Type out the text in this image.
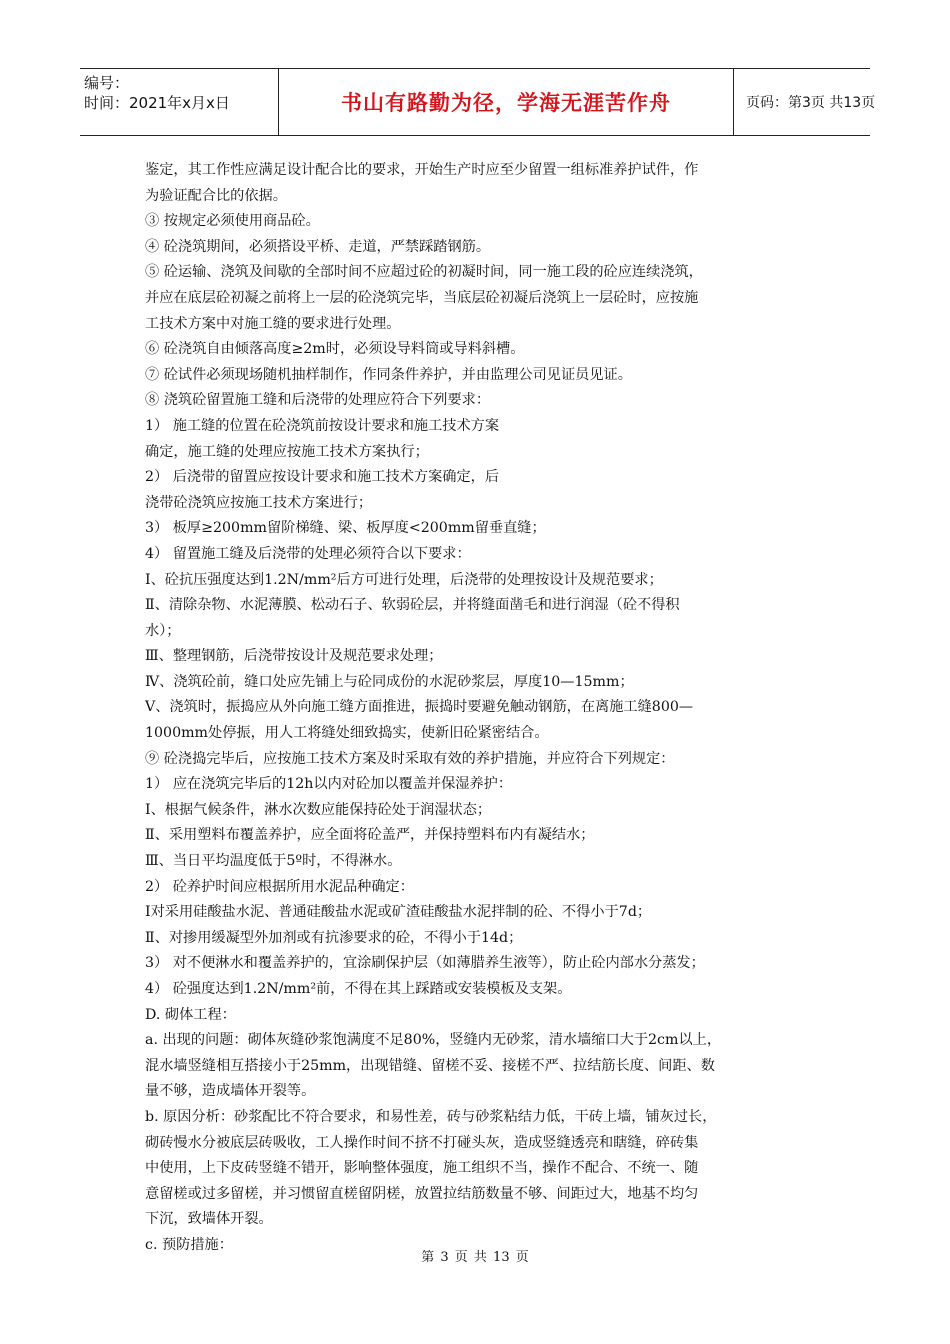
编号：
时间：2021年x月x日	书山有路勤为径，学海无涯苦作舟	页码：第3页 共13页

鉴定，其工作性应满足设计配合比的要求，开始生产时应至少留置一组标准养护试件，作

为验证配合比的依据。

③ 按规定必须使用商品砼。

④ 砼浇筑期间，必须搭设平桥、走道，严禁踩踏钢筋。

⑤ 砼运输、浇筑及间歇的全部时间不应超过砼的初凝时间，同一施工段的砼应连续浇筑，

并应在底层砼初凝之前将上一层的砼浇筑完毕，当底层砼初凝后浇筑上一层砼时，应按施

工技术方案中对施工缝的要求进行处理。

⑥ 砼浇筑自由倾落高度≥2m时，必须设导料筒或导料斜槽。

⑦ 砼试件必须现场随机抽样制作，作同条件养护，并由监理公司见证员见证。

⑧ 浇筑砼留置施工缝和后浇带的处理应符合下列要求：

1） 施工缝的位置在砼浇筑前按设计要求和施工技术方案

确定，施工缝的处理应按施工技术方案执行；

2） 后浇带的留置应按设计要求和施工技术方案确定，后

浇带砼浇筑应按施工技术方案进行；

3） 板厚≥200mm留阶梯缝、梁、板厚度<200mm留垂直缝；

4） 留置施工缝及后浇带的处理必须符合以下要求：

Ⅰ、砼抗压强度达到1.2N/mm²后方可进行处理，后浇带的处理按设计及规范要求；

Ⅱ、清除杂物、水泥薄膜、松动石子、软弱砼层，并将缝面凿毛和进行润湿（砼不得积

水）；

Ⅲ、整理钢筋，后浇带按设计及规范要求处理；

Ⅳ、浇筑砼前，缝口处应先铺上与砼同成份的水泥砂浆层，厚度10—15mm；

Ⅴ、浇筑时，振捣应从外向施工缝方面推进，振捣时要避免触动钢筋，在离施工缝800—

1000mm处停振，用人工将缝处细致捣实，使新旧砼紧密结合。

⑨ 砼浇捣完毕后，应按施工技术方案及时采取有效的养护措施，并应符合下列规定：

1） 应在浇筑完毕后的12h以内对砼加以覆盖并保湿养护：

Ⅰ、根据气候条件，淋水次数应能保持砼处于润湿状态；

Ⅱ、采用塑料布覆盖养护，应全面将砼盖严，并保持塑料布内有凝结水；

Ⅲ、当日平均温度低于5º时，不得淋水。

2） 砼养护时间应根据所用水泥品种确定：

Ⅰ对采用硅酸盐水泥、普通硅酸盐水泥或矿渣硅酸盐水泥拌制的砼、不得小于7d；

Ⅱ、对掺用缓凝型外加剂或有抗渗要求的砼，不得小于14d；

3） 对不便淋水和覆盖养护的，宜涂刷保护层（如薄腊养生液等），防止砼内部水分蒸发；

4） 砼强度达到1.2N/mm²前，不得在其上踩踏或安装模板及支架。

D. 砌体工程：

a. 出现的问题：砌体灰缝砂浆饱满度不足80%，竖缝内无砂浆，清水墙缩口大于2cm以上，

混水墙竖缝相互搭接小于25mm，出现错缝、留槎不妥、接槎不严、拉结筋长度、间距、数

量不够，造成墙体开裂等。

b. 原因分析：砂浆配比不符合要求，和易性差，砖与砂浆粘结力低，干砖上墙，铺灰过长，

砌砖慢水分被底层砖吸收，工人操作时间不挤不打碰头灰，造成竖缝透亮和瞎缝，碎砖集

中使用，上下皮砖竖缝不错开，影响整体强度，施工组织不当，操作不配合、不统一、随

意留槎或过多留槎，并习惯留直槎留阴槎，放置拉结筋数量不够、间距过大，地基不均匀

下沉，致墙体开裂。

c. 预防措施：

第 3 页 共 13 页
